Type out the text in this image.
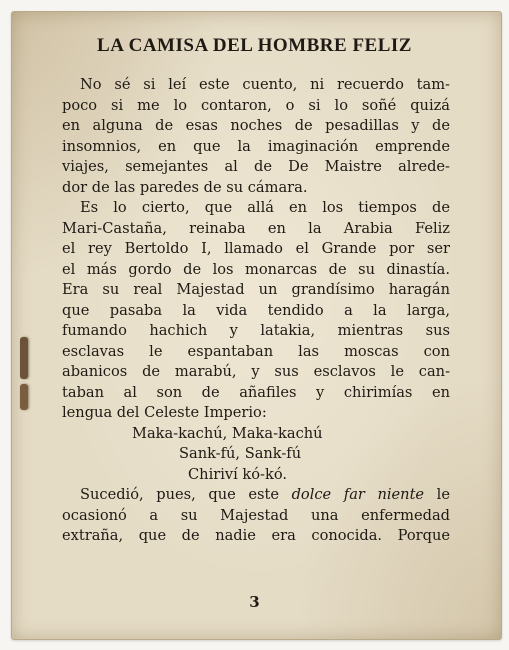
LA CAMISA DEL HOMBRE FELIZ
No sé si leí este cuento, ni recuerdo tam-
poco si me lo contaron, o si lo soñé quizá
en alguna de esas noches de pesadillas y de
insomnios, en que la imaginación emprende
viajes, semejantes al de De Maistre alrede-
dor de las paredes de su cámara.
Es lo cierto, que allá en los tiempos de
Mari-Castaña, reinaba en la Arabia Feliz
el rey Bertoldo I, llamado el Grande por ser
el más gordo de los monarcas de su dinastía.
Era su real Majestad un grandísimo haragán
que pasaba la vida tendido a la larga,
fumando hachich y latakia, mientras sus
esclavas le espantaban las moscas con
abanicos de marabú, y sus esclavos le can-
taban al son de añafiles y chirimías en
lengua del Celeste Imperio:
Maka-kachú, Maka-kachú
Sank-fú, Sank-fú
Chiriví kó-kó.
Sucedió, pues, que este dolce far niente le
ocasionó a su Majestad una enfermedad
extraña, que de nadie era conocida. Porque
3
